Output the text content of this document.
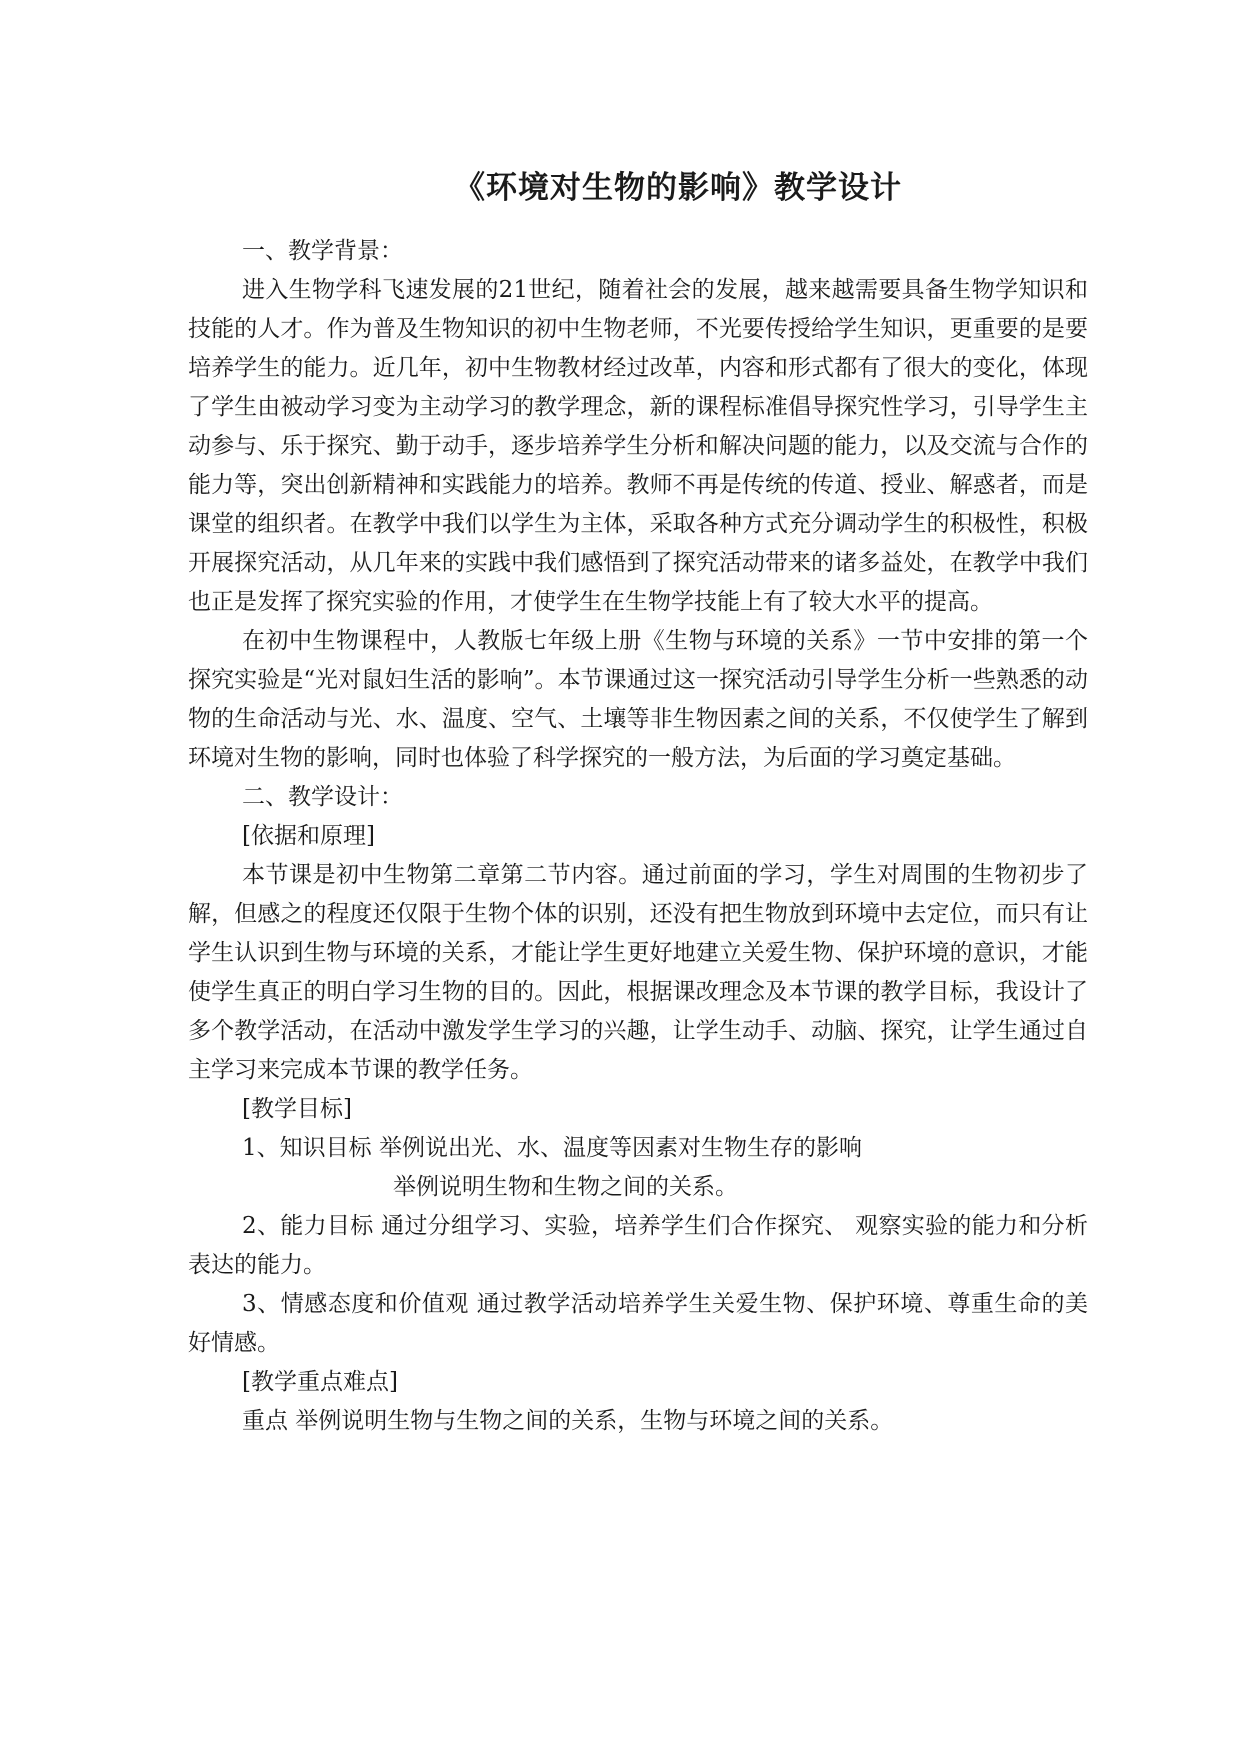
《环境对生物的影响》教学设计

一、教学背景：

进入生物学科飞速发展的21世纪，随着社会的发展，越来越需要具备生物学知识和技能的人才。作为普及生物知识的初中生物老师，不光要传授给学生知识，更重要的是要培养学生的能力。近几年，初中生物教材经过改革，内容和形式都有了很大的变化，体现了学生由被动学习变为主动学习的教学理念，新的课程标准倡导探究性学习，引导学生主动参与、乐于探究、勤于动手，逐步培养学生分析和解决问题的能力，以及交流与合作的能力等，突出创新精神和实践能力的培养。教师不再是传统的传道、授业、解惑者，而是课堂的组织者。在教学中我们以学生为主体，采取各种方式充分调动学生的积极性，积极开展探究活动，从几年来的实践中我们感悟到了探究活动带来的诸多益处，在教学中我们也正是发挥了探究实验的作用，才使学生在生物学技能上有了较大水平的提高。

在初中生物课程中，人教版七年级上册《生物与环境的关系》一节中安排的第一个探究实验是“光对鼠妇生活的影响”。本节课通过这一探究活动引导学生分析一些熟悉的动物的生命活动与光、水、温度、空气、土壤等非生物因素之间的关系，不仅使学生了解到环境对生物的影响，同时也体验了科学探究的一般方法，为后面的学习奠定基础。

二、教学设计：

[依据和原理]

本节课是初中生物第二章第二节内容。通过前面的学习，学生对周围的生物初步了解，但感之的程度还仅限于生物个体的识别，还没有把生物放到环境中去定位，而只有让学生认识到生物与环境的关系，才能让学生更好地建立关爱生物、保护环境的意识，才能使学生真正的明白学习生物的目的。因此，根据课改理念及本节课的教学目标，我设计了多个教学活动，在活动中激发学生学习的兴趣，让学生动手、动脑、探究，让学生通过自主学习来完成本节课的教学任务。

[教学目标]

1、知识目标 举例说出光、水、温度等因素对生物生存的影响

举例说明生物和生物之间的关系。

2、能力目标 通过分组学习、实验，培养学生们合作探究、 观察实验的能力和分析表达的能力。

3、情感态度和价值观 通过教学活动培养学生关爱生物、保护环境、尊重生命的美好情感。

[教学重点难点]

重点 举例说明生物与生物之间的关系，生物与环境之间的关系。
